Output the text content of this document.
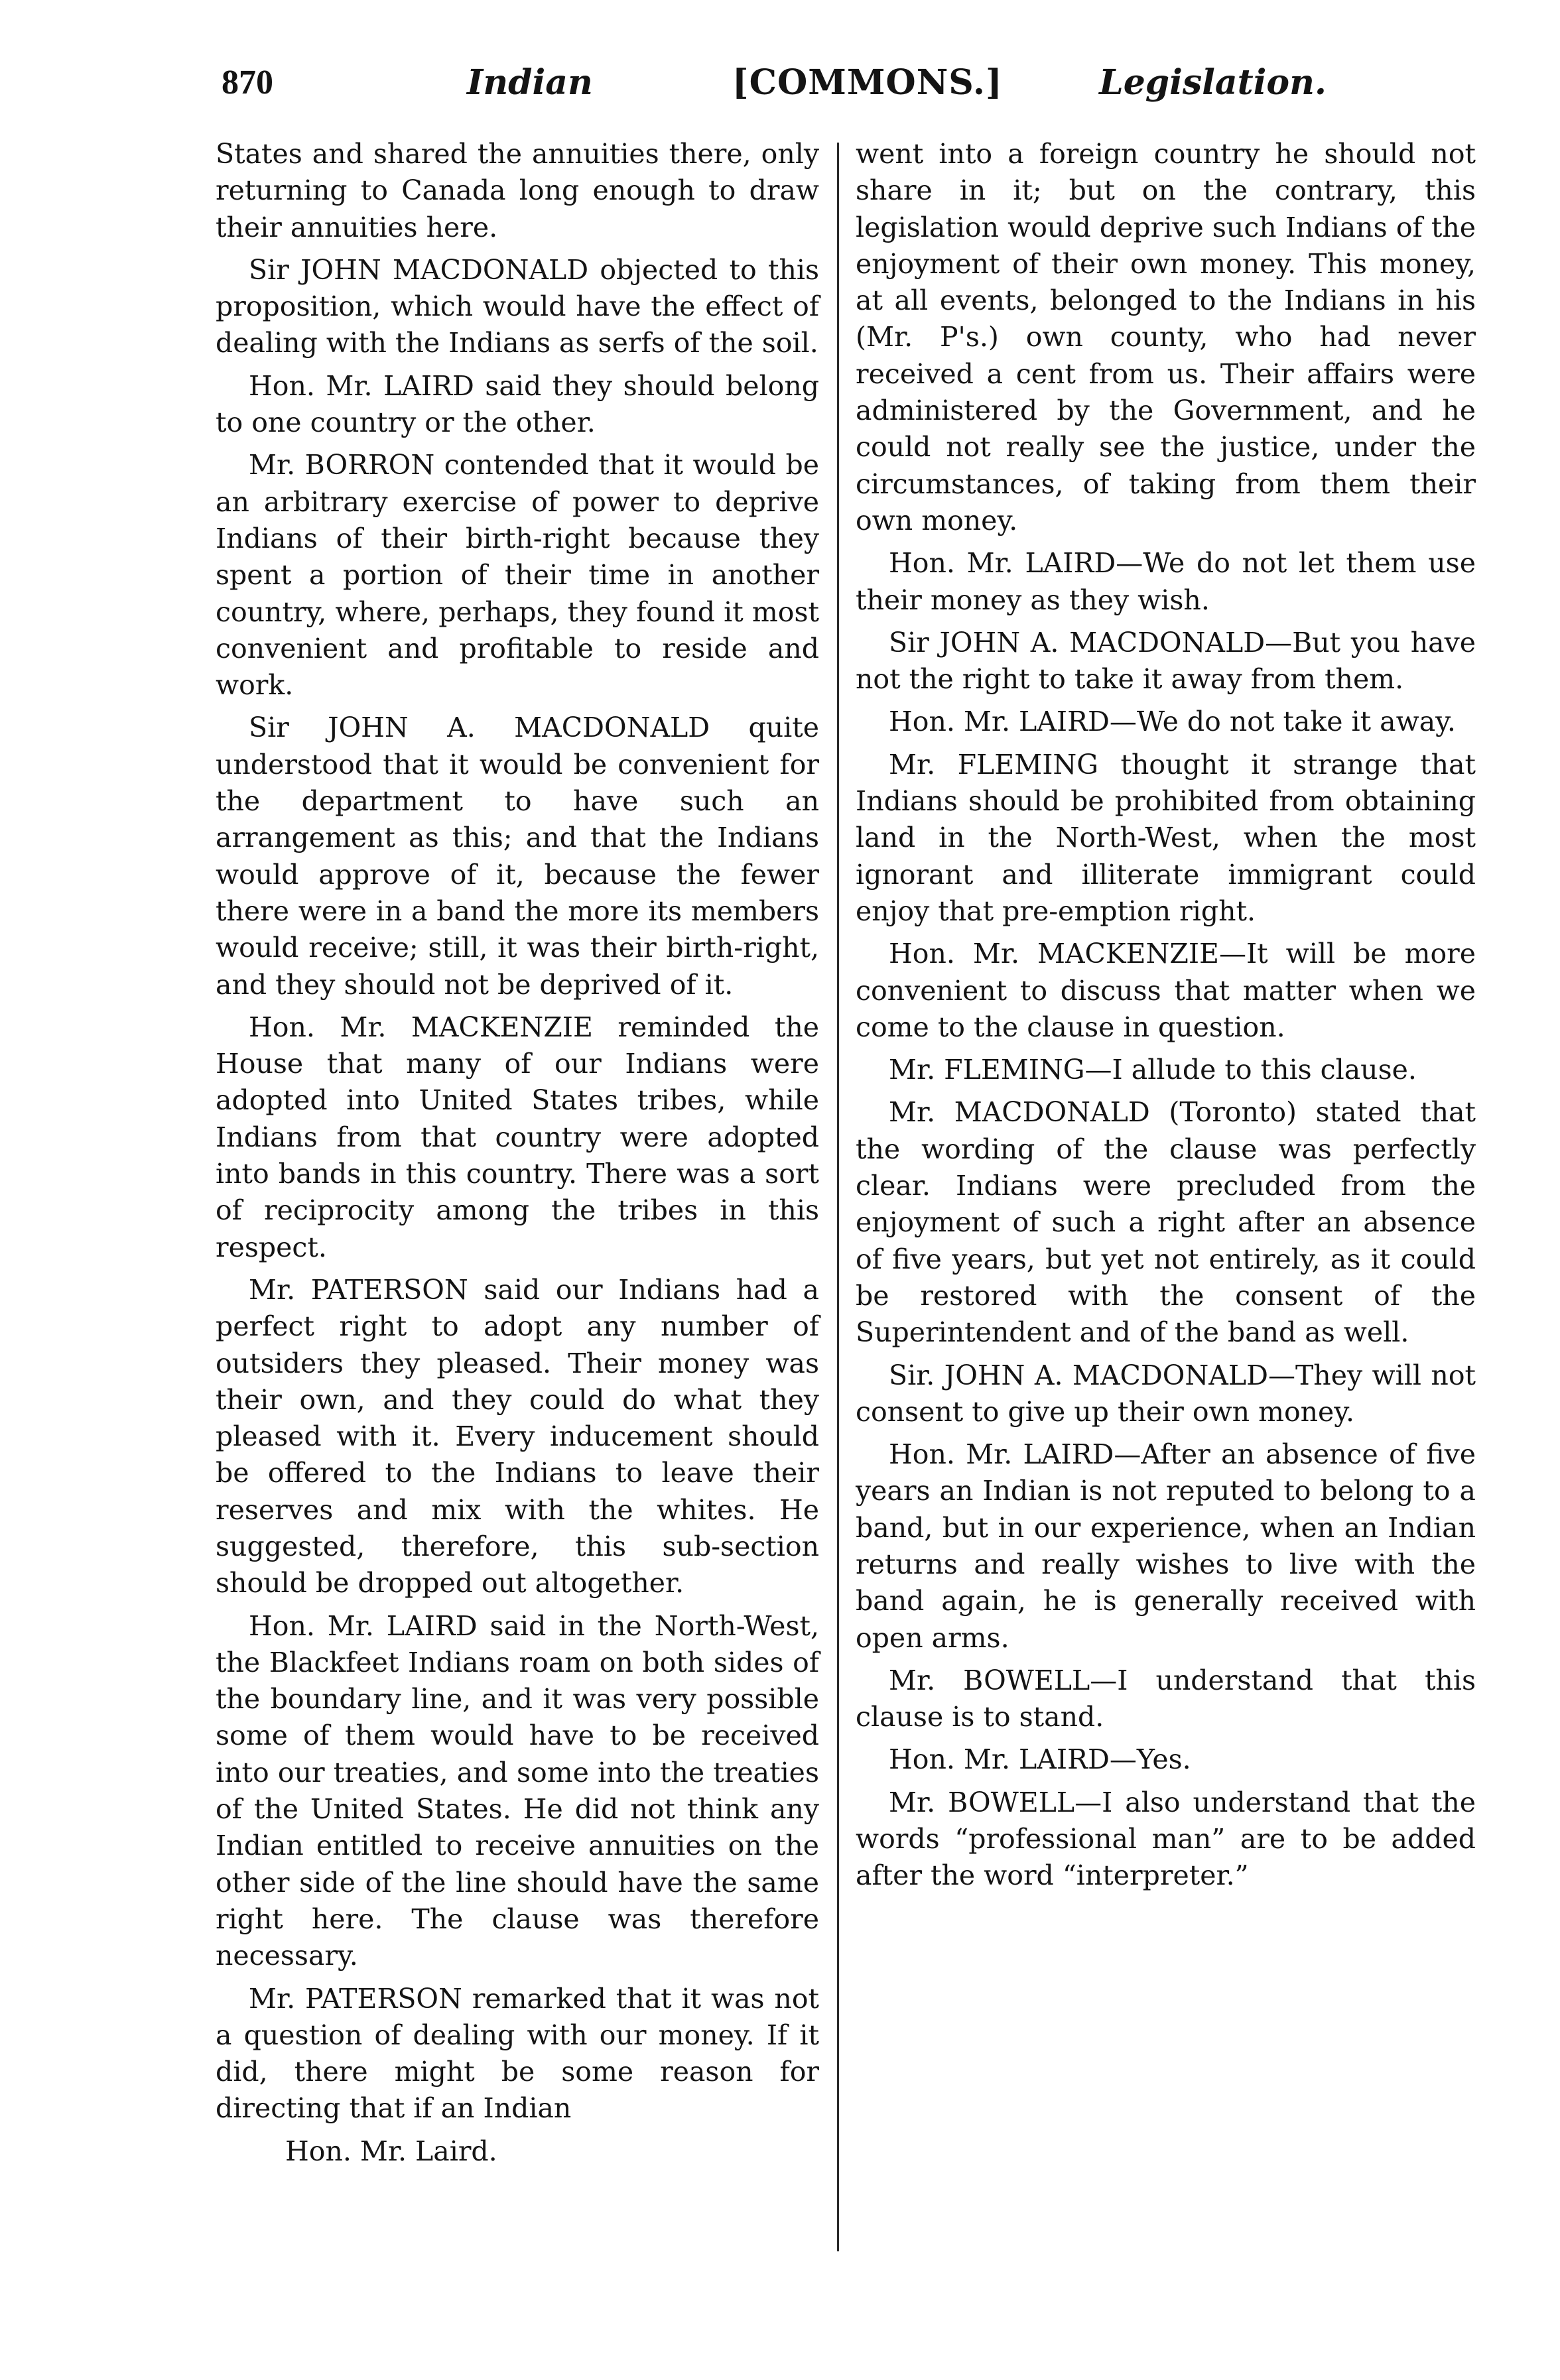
870	Indian	[COMMONS.]	Legislation.

States and shared the annuities there, only returning to Canada long enough to draw their annuities here.

Sir JOHN MACDONALD objected to this proposition, which would have the effect of dealing with the Indians as serfs of the soil.

Hon. Mr. LAIRD said they should belong to one country or the other.

Mr. BORRON contended that it would be an arbitrary exercise of power to deprive Indians of their birth-right because they spent a portion of their time in another country, where, perhaps, they found it most convenient and profitable to reside and work.

Sir JOHN A. MACDONALD quite understood that it would be convenient for the department to have such an arrangement as this; and that the Indians would approve of it, because the fewer there were in a band the more its members would receive; still, it was their birth-right, and they should not be deprived of it.

Hon. Mr. MACKENZIE reminded the House that many of our Indians were adopted into United States tribes, while Indians from that country were adopted into bands in this country. There was a sort of reciprocity among the tribes in this respect.

Mr. PATERSON said our Indians had a perfect right to adopt any number of outsiders they pleased. Their money was their own, and they could do what they pleased with it. Every inducement should be offered to the Indians to leave their reserves and mix with the whites. He suggested, therefore, this sub-section should be dropped out altogether.

Hon. Mr. LAIRD said in the North-West, the Blackfeet Indians roam on both sides of the boundary line, and it was very possible some of them would have to be received into our treaties, and some into the treaties of the United States. He did not think any Indian entitled to receive annuities on the other side of the line should have the same right here. The clause was therefore necessary.

Mr. PATERSON remarked that it was not a question of dealing with our money. If it did, there might be some reason for directing that if an Indian

Hon. Mr. Laird.

went into a foreign country he should not share in it; but on the contrary, this legislation would deprive such Indians of the enjoyment of their own money. This money, at all events, belonged to the Indians in his (Mr. P's.) own county, who had never received a cent from us. Their affairs were administered by the Government, and he could not really see the justice, under the circumstances, of taking from them their own money.

Hon. Mr. LAIRD—We do not let them use their money as they wish.

Sir JOHN A. MACDONALD—But you have not the right to take it away from them.

Hon. Mr. LAIRD—We do not take it away.

Mr. FLEMING thought it strange that Indians should be prohibited from obtaining land in the North-West, when the most ignorant and illiterate immigrant could enjoy that pre-emption right.

Hon. Mr. MACKENZIE—It will be more convenient to discuss that matter when we come to the clause in question.

Mr. FLEMING—I allude to this clause.

Mr. MACDONALD (Toronto) stated that the wording of the clause was perfectly clear. Indians were precluded from the enjoyment of such a right after an absence of five years, but yet not entirely, as it could be restored with the consent of the Superintendent and of the band as well.

Sir. JOHN A. MACDONALD—They will not consent to give up their own money.

Hon. Mr. LAIRD—After an absence of five years an Indian is not reputed to belong to a band, but in our experience, when an Indian returns and really wishes to live with the band again, he is generally received with open arms.

Mr. BOWELL—I understand that this clause is to stand.

Hon. Mr. LAIRD—Yes.

Mr. BOWELL—I also understand that the words “professional man” are to be added after the word “interpreter.”
